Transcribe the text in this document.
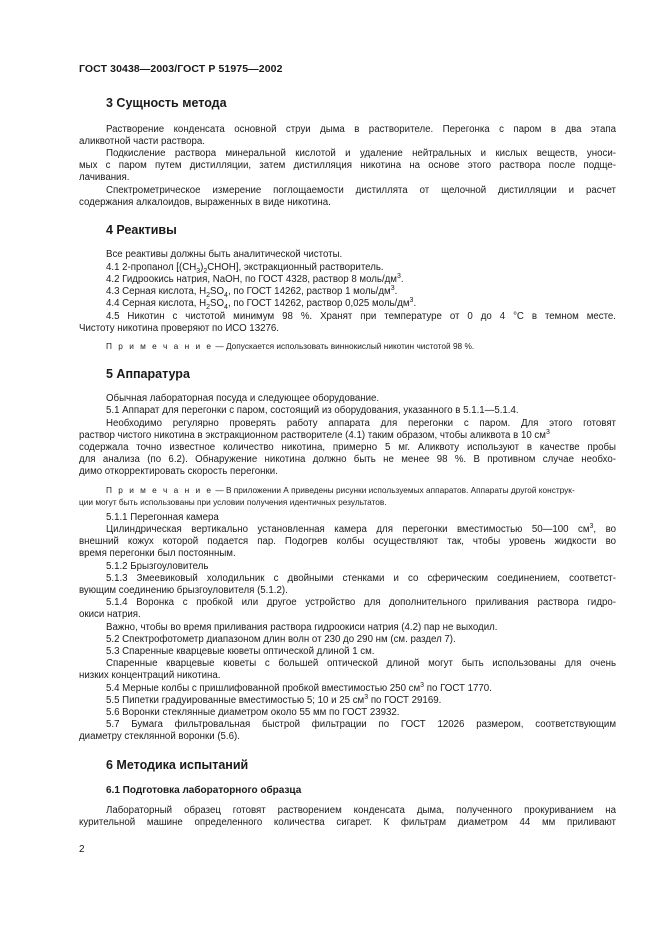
ГОСТ 30438—2003/ГОСТ Р 51975—2002
3 Сущность метода
Растворение конденсата основной струи дыма в растворителе. Перегонка с паром в два этапа
аликвотной части раствора.
Подкисление раствора минеральной кислотой и удаление нейтральных и кислых веществ, уноси-
мых с паром путем дистилляции, затем дистилляция никотина на основе этого раствора после подще-
лачивания.
Спектрометрическое измерение поглощаемости дистиллята от щелочной дистилляции и расчет
содержания алкалоидов, выраженных в виде никотина.
4 Реактивы
Все реактивы должны быть аналитической чистоты.
4.1 2-пропанол $[(CH_3)_2CHOH]$, экстракционный растворитель.
4.2 Гидроокись натрия, NaOH, по ГОСТ 4328, раствор 8 моль/$дм^3$.
4.3 Серная кислота, $H_2SO_4$, по ГОСТ 14262, раствор 1 моль/$дм^3$.
4.4 Серная кислота, $H_2SO_4$, по ГОСТ 14262, раствор 0,025 моль/$дм^3$.
4.5 Никотин с чистотой минимум 98 %. Хранят при температуре от 0 до 4 °С в темном месте.
Чистоту никотина проверяют по ИСО 13276.
П р и м е ч а н и е — Допускается использовать виннокислый никотин чистотой 98 %.
5 Аппаратура
Обычная лабораторная посуда и следующее оборудование.
5.1 Аппарат для перегонки с паром, состоящий из оборудования, указанного в 5.1.1—5.1.4.
Необходимо регулярно проверять работу аппарата для перегонки с паром. Для этого готовят
раствор чистого никотина в экстракционном растворителе (4.1) таким образом, чтобы аликвота в 10 $см^3$
содержала точно известное количество никотина, примерно 5 мг. Аликвоту используют в качестве пробы
для анализа (по 6.2). Обнаружение никотина должно быть не менее 98 %. В противном случае необхо-
димо откорректировать скорость перегонки.
П р и м е ч а н и е — В приложении А приведены рисунки используемых аппаратов. Аппараты другой конструк-
ции могут быть использованы при условии получения идентичных результатов.
5.1.1 Перегонная камера
Цилиндрическая вертикально установленная камера для перегонки вместимостью 50—100 $см^3$, во
внешний кожух которой подается пар. Подогрев колбы осуществляют так, чтобы уровень жидкости во
время перегонки был постоянным.
5.1.2 Брызгоуловитель
5.1.3 Змеевиковый холодильник с двойными стенками и со сферическим соединением, соответст-
вующим соединению брызгоуловителя (5.1.2).
5.1.4 Воронка с пробкой или другое устройство для дополнительного приливания раствора гидро-
окиси натрия.
Важно, чтобы во время приливания раствора гидроокиси натрия (4.2) пар не выходил.
5.2 Спектрофотометр диапазоном длин волн от 230 до 290 нм (см. раздел 7).
5.3 Спаренные кварцевые кюветы оптической длиной 1 см.
Спаренные кварцевые кюветы с большей оптической длиной могут быть использованы для очень
низких концентраций никотина.
5.4 Мерные колбы с пришлифованной пробкой вместимостью 250 $см^3$ по ГОСТ 1770.
5.5 Пипетки градуированные вместимостью 5; 10 и 25 $см^3$ по ГОСТ 29169.
5.6 Воронки стеклянные диаметром около 55 мм по ГОСТ 23932.
5.7 Бумага фильтровальная быстрой фильтрации по ГОСТ 12026 размером, соответствующим
диаметру стеклянной воронки (5.6).
6 Методика испытаний
6.1 Подготовка лабораторного образца
Лабораторный образец готовят растворением конденсата дыма, полученного прокуриванием на
курительной машине определенного количества сигарет. К фильтрам диаметром 44 мм приливают
2
